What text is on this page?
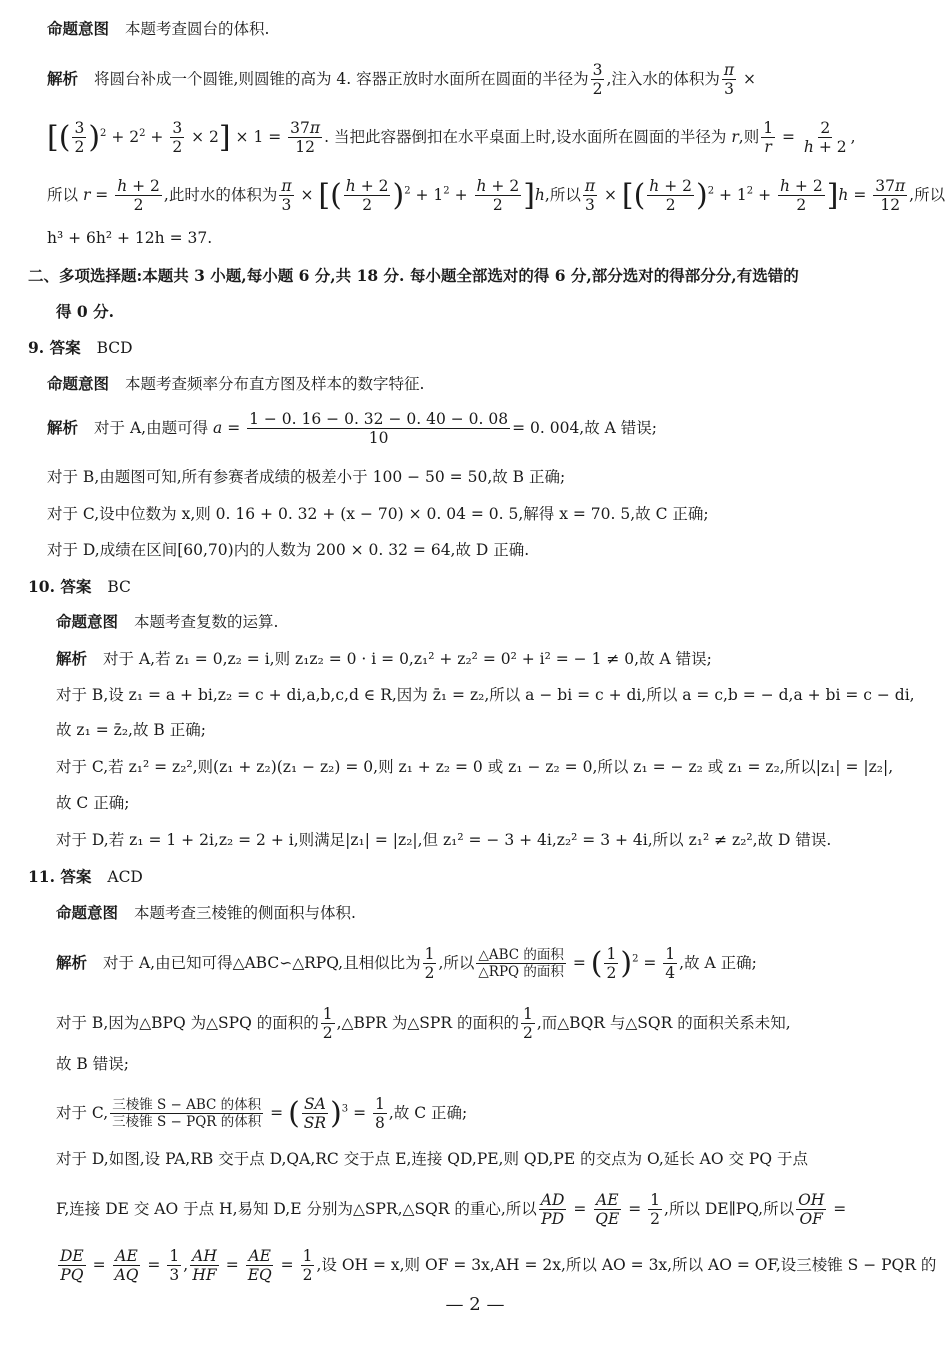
命题意图 本题考查圆台的体积.
解析 将圆台补成一个圆锥,则圆锥的高为 4. 容器正放时水面所在圆面的半径为 $\frac{3}{2}$ ,注入水的体积为 $\frac{\pi}{3}$ ×
[( $\frac{3}{2} )^2 + 2^2 + \frac{3}{2} \times 2] \times 1 = \frac{37\pi}{12}$ . 当把此容器倒扣在水平桌面上时,设水面所在圆面的半径为 r,则 $\frac{1}{r} = \frac{2}{h + 2}$ ,
所以 $r = \frac{h + 2}{2}$ ,此时水的体积为 $\frac{\pi}{3}$ × [( $\frac{h + 2}{2} )^2 + 1^2 + \frac{h + 2}{2} ]h$,所以 $\frac{\pi}{3}$ × [( $\frac{h + 2}{2} )^2 + 1^2 + \frac{h + 2}{2} ]h = \frac{37\pi}{12}$ ,所以
h³ + 6h² + 12h = 37.
二、多项选择题:本题共 3 小题,每小题 6 分,共 18 分. 每小题全部选对的得 6 分,部分选对的得部分分,有选错的
得 0 分.
9. 答案 BCD
命题意图 本题考查频率分布直方图及样本的数字特征.
解析 对于 A,由题可得 $a = \frac{1 - 0. 16 - 0. 32 - 0. 40 - 0. 08}{10} = 0$. 004,故 A 错误;
对于 B,由题图可知,所有参赛者成绩的极差小于 100 − 50 = 50,故 B 正确;
对于 C,设中位数为 x,则 0. 16 + 0. 32 + (x − 70) × 0. 04 = 0. 5,解得 x = 70. 5,故 C 正确;
对于 D,成绩在区间[60,70)内的人数为 200 × 0. 32 = 64,故 D 正确.
10. 答案 BC
命题意图 本题考查复数的运算.
解析 对于 A,若 z₁ = 0,z₂ = i,则 z₁z₂ = 0 · i = 0,z₁² + z₂² = 0² + i² = − 1 ≠ 0,故 A 错误;
对于 B,设 z₁ = a + bi,z₂ = c + di,a,b,c,d ∈ R,因为 z̄₁ = z₂,所以 a − bi = c + di,所以 a = c,b = − d,a + bi = c − di,
故 z₁ = z̄₂,故 B 正确;
对于 C,若 z₁² = z₂²,则(z₁ + z₂)(z₁ − z₂) = 0,则 z₁ + z₂ = 0 或 z₁ − z₂ = 0,所以 z₁ = − z₂ 或 z₁ = z₂,所以|z₁| = |z₂|,
故 C 正确;
对于 D,若 z₁ = 1 + 2i,z₂ = 2 + i,则满足|z₁| = |z₂|,但 z₁² = − 3 + 4i,z₂² = 3 + 4i,所以 z₁² ≠ z₂²,故 D 错误.
11. 答案 ACD
命题意图 本题考查三棱锥的侧面积与体积.
解析 对于 A,由已知可得△ABC∽△RPQ,且相似比为 $\frac{1}{2}$ ,所以 $\frac{\text{△ABC 的面积}}{\text{△RPQ 的面积}}$ = ( $\frac{1}{2} )^2 = \frac{1}{4}$ ,故 A 正确;
对于 B,因为△BPQ 为△SPQ 的面积的 $\frac{1}{2}$ ,△BPR 为△SPR 的面积的 $\frac{1}{2}$ ,而△BQR 与△SQR 的面积关系未知,
故 B 错误;
对于 C, $\frac{\text{三棱锥 S − ABC 的体积}}{\text{三棱锥 S − PQR 的体积}}$ = ( $\frac{SA}{SR} )^3 = \frac{1}{8}$ ,故 C 正确;
对于 D,如图,设 PA,RB 交于点 D,QA,RC 交于点 E,连接 QD,PE,则 QD,PE 的交点为 O,延长 AO 交 PQ 于点
F,连接 DE 交 AO 于点 H,易知 D,E 分别为△SPR,△SQR 的重心,所以 $\frac{AD}{PD} = \frac{AE}{QE} = \frac{1}{2}$ ,所以 DE∥PQ,所以 $\frac{OH}{OF}$ =
$\frac{DE}{PQ} = \frac{AE}{AQ} = \frac{1}{3}$ , $\frac{AH}{HF} = \frac{AE}{EQ} = \frac{1}{2}$ ,设 OH = x,则 OF = 3x,AH = 2x,所以 AO = 3x,所以 AO = OF,设三棱锥 S − PQR 的
— 2 —
